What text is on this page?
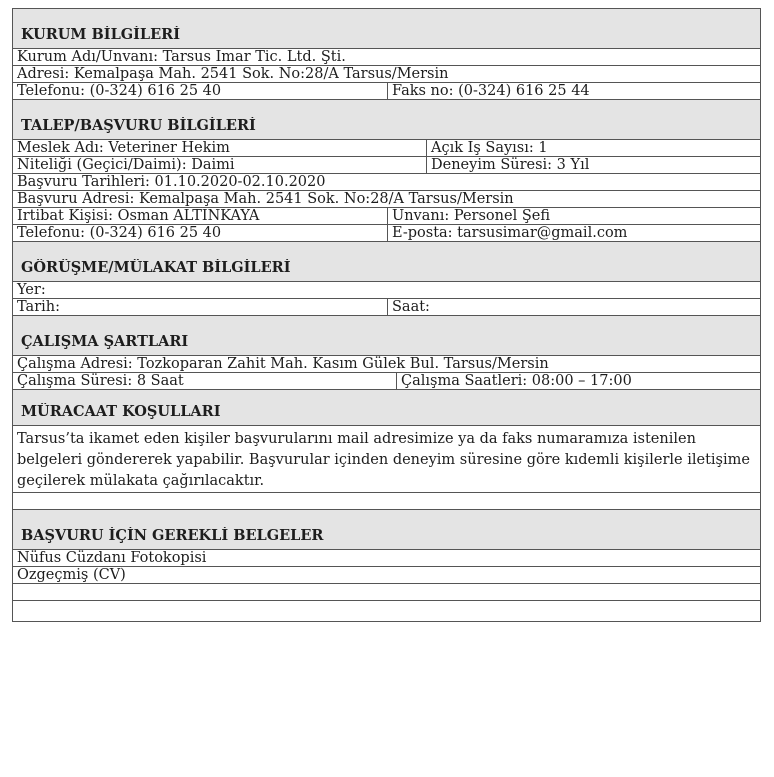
KURUM BİLGİLERİ
Kurum Adı/Unvanı: Tarsus İmar Tic. Ltd. Şti.
Adresi: Kemalpaşa Mah. 2541 Sok. No:28/A Tarsus/Mersin
Telefonu: (0-324) 616 25 40	Faks no: (0-324) 616 25 44
TALEP/BAŞVURU BİLGİLERİ
Meslek Adı: Veteriner Hekim	Açık İş Sayısı: 1
Niteliği (Geçici/Daimi): Daimi	Deneyim Süresi: 3 Yıl
Başvuru Tarihleri: 01.10.2020-02.10.2020
Başvuru Adresi: Kemalpaşa Mah. 2541 Sok. No:28/A Tarsus/Mersin
İrtibat Kişisi: Osman ALTINKAYA	Unvanı: Personel Şefi
Telefonu: (0-324) 616 25 40	E-posta: tarsusimar@gmail.com
GÖRÜŞME/MÜLAKAT BİLGİLERİ
Yer:
Tarih:	Saat:
ÇALIŞMA ŞARTLARI
Çalışma Adresi: Tozkoparan Zahit Mah. Kasım Gülek Bul. Tarsus/Mersin
Çalışma Süresi: 8 Saat	Çalışma Saatleri: 08:00 – 17:00
MÜRACAAT KOŞULLARI
Tarsus’ta ikamet eden kişiler başvurularını mail adresimize ya da faks numaramıza istenilen belgeleri göndererek yapabilir. Başvurular içinden deneyim süresine göre kıdemli kişilerle iletişime geçilerek mülakata çağırılacaktır.
BAŞVURU İÇİN GEREKLİ BELGELER
Nüfus Cüzdanı Fotokopisi
Özgeçmiş (CV)
